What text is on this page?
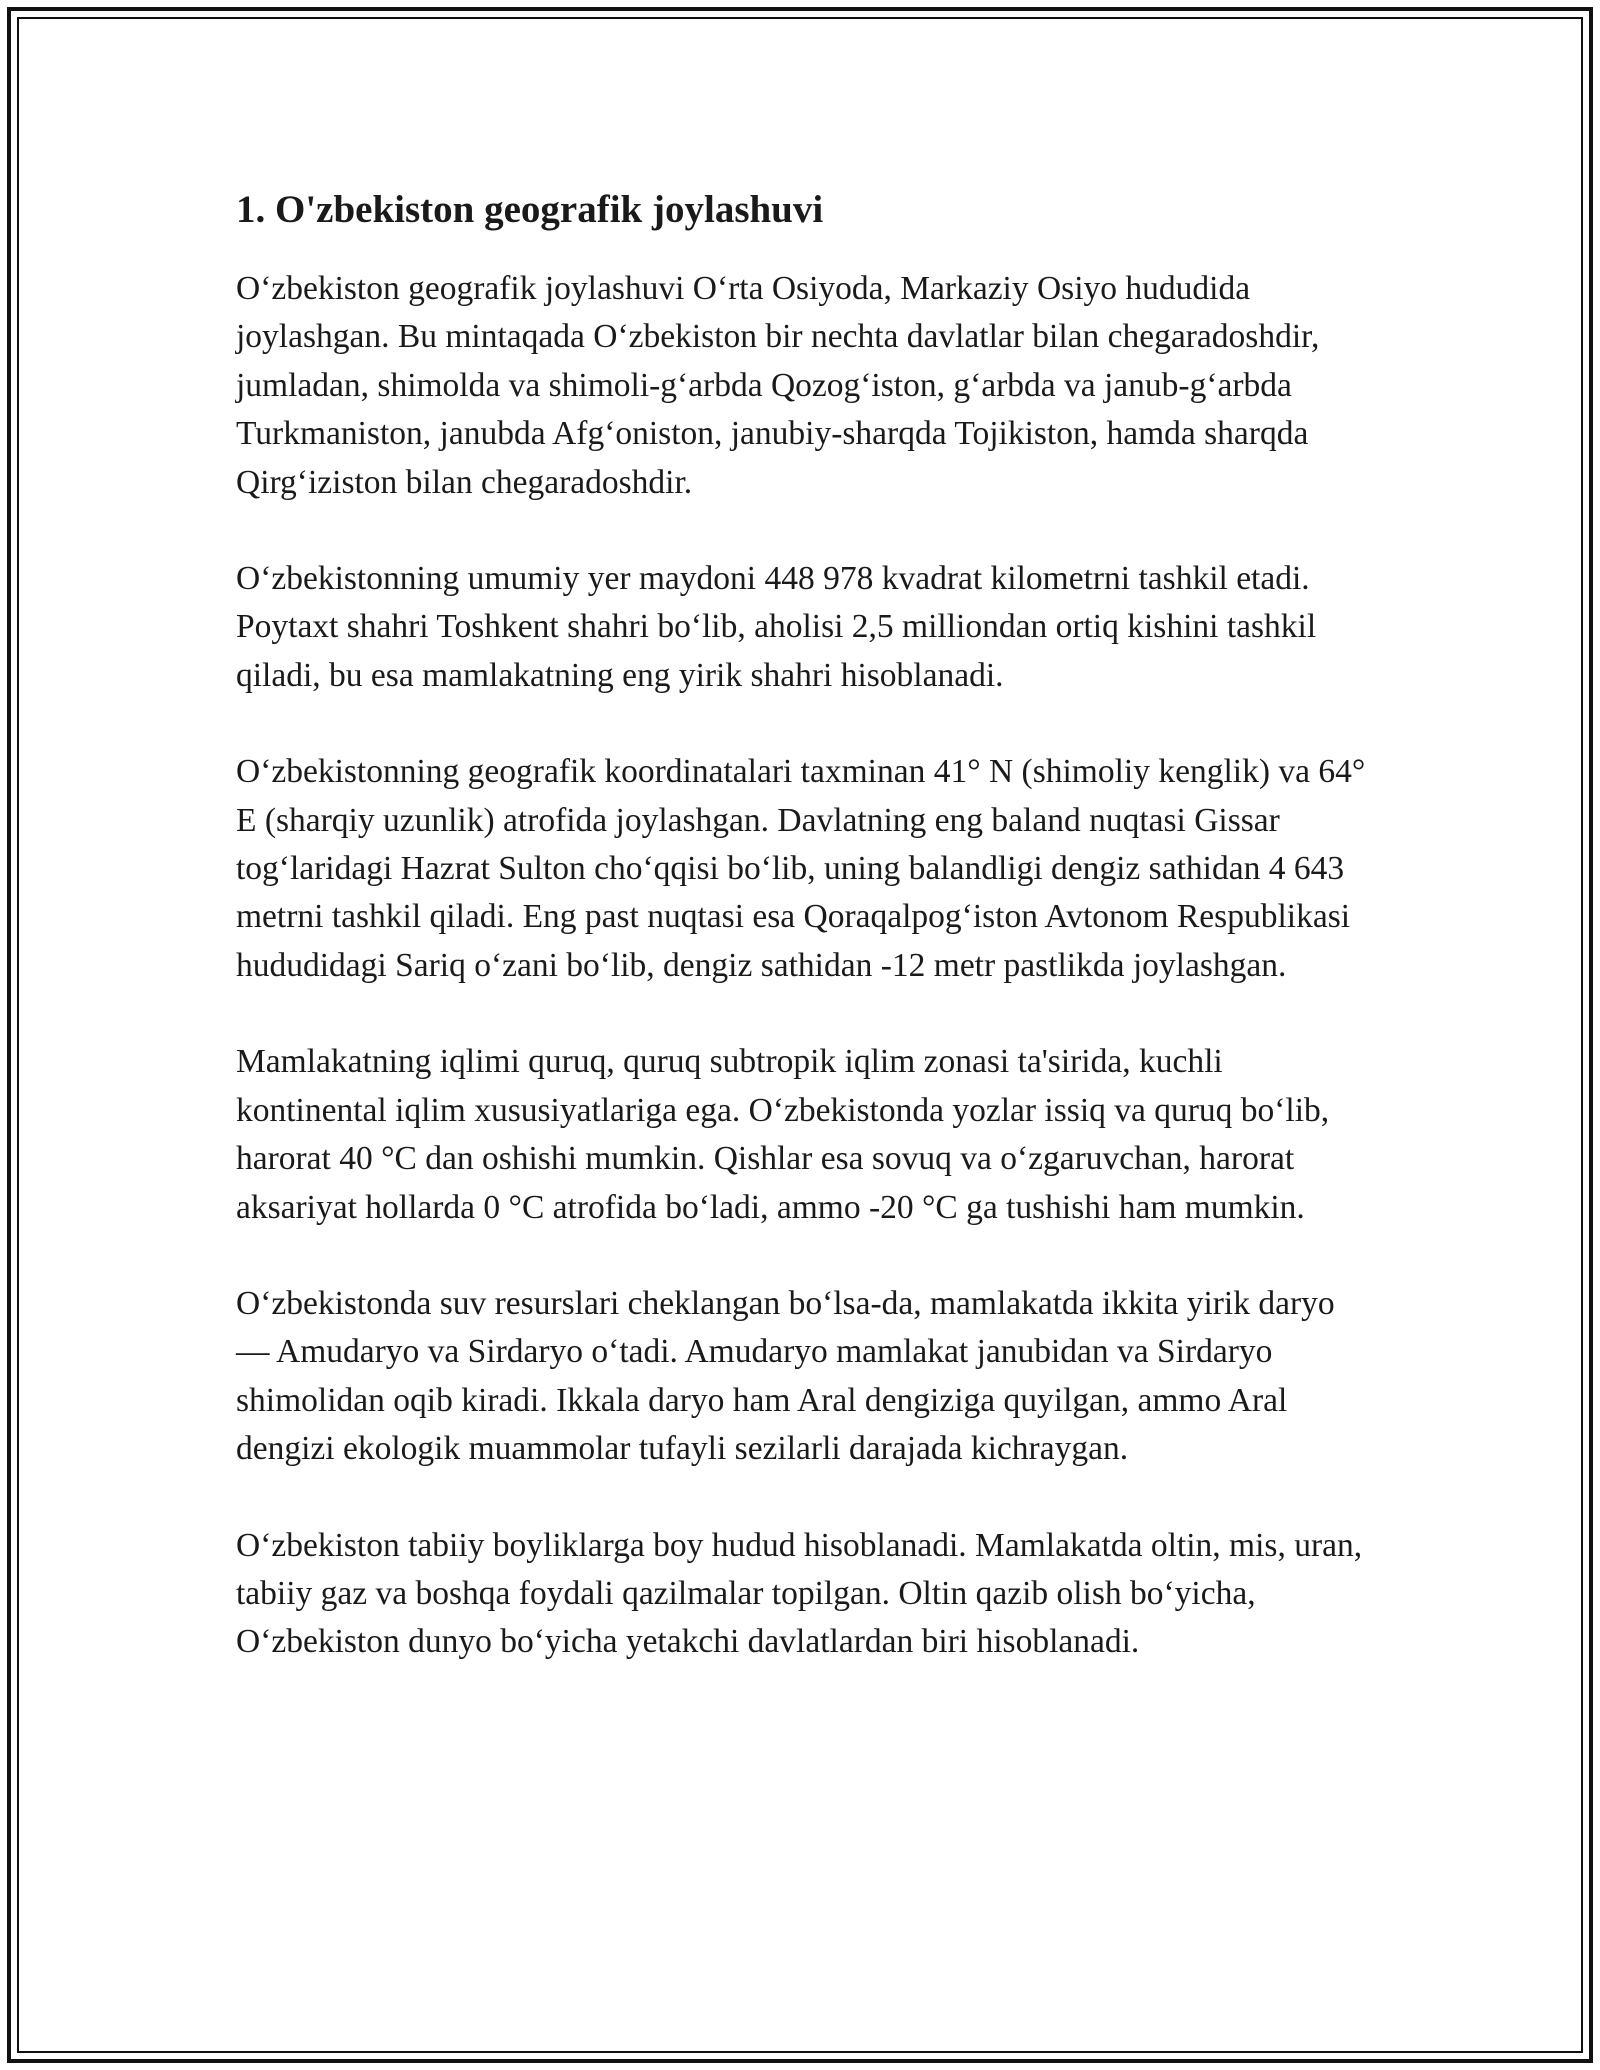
1. O'zbekiston geografik joylashuvi

O‘zbekiston geografik joylashuvi O‘rta Osiyoda, Markaziy Osiyo hududida joylashgan. Bu mintaqada O‘zbekiston bir nechta davlatlar bilan chegaradoshdir, jumladan, shimolda va shimoli-g‘arbda Qozog‘iston, g‘arbda va janub-g‘arbda Turkmaniston, janubda Afg‘oniston, janubiy-sharqda Tojikiston, hamda sharqda Qirg‘iziston bilan chegaradoshdir.

O‘zbekistonning umumiy yer maydoni 448 978 kvadrat kilometrni tashkil etadi. Poytaxt shahri Toshkent shahri bo‘lib, aholisi 2,5 milliondan ortiq kishini tashkil qiladi, bu esa mamlakatning eng yirik shahri hisoblanadi.

O‘zbekistonning geografik koordinatalari taxminan 41° N (shimoliy kenglik) va 64° E (sharqiy uzunlik) atrofida joylashgan. Davlatning eng baland nuqtasi Gissar tog‘laridagi Hazrat Sulton cho‘qqisi bo‘lib, uning balandligi dengiz sathidan 4 643 metrni tashkil qiladi. Eng past nuqtasi esa Qoraqalpog‘iston Avtonom Respublikasi hududidagi Sariq o‘zani bo‘lib, dengiz sathidan -12 metr pastlikda joylashgan.

Mamlakatning iqlimi quruq, quruq subtropik iqlim zonasi ta'sirida, kuchli kontinental iqlim xususiyatlariga ega. O‘zbekistonda yozlar issiq va quruq bo‘lib, harorat 40 °C dan oshishi mumkin. Qishlar esa sovuq va o‘zgaruvchan, harorat aksariyat hollarda 0 °C atrofida bo‘ladi, ammo -20 °C ga tushishi ham mumkin.

O‘zbekistonda suv resurslari cheklangan bo‘lsa-da, mamlakatda ikkita yirik daryo — Amudaryo va Sirdaryo o‘tadi. Amudaryo mamlakat janubidan va Sirdaryo shimolidan oqib kiradi. Ikkala daryo ham Aral dengiziga quyilgan, ammo Aral dengizi ekologik muammolar tufayli sezilarli darajada kichraygan.

O‘zbekiston tabiiy boyliklarga boy hudud hisoblanadi. Mamlakatda oltin, mis, uran, tabiiy gaz va boshqa foydali qazilmalar topilgan. Oltin qazib olish bo‘yicha, O‘zbekiston dunyo bo‘yicha yetakchi davlatlardan biri hisoblanadi.
